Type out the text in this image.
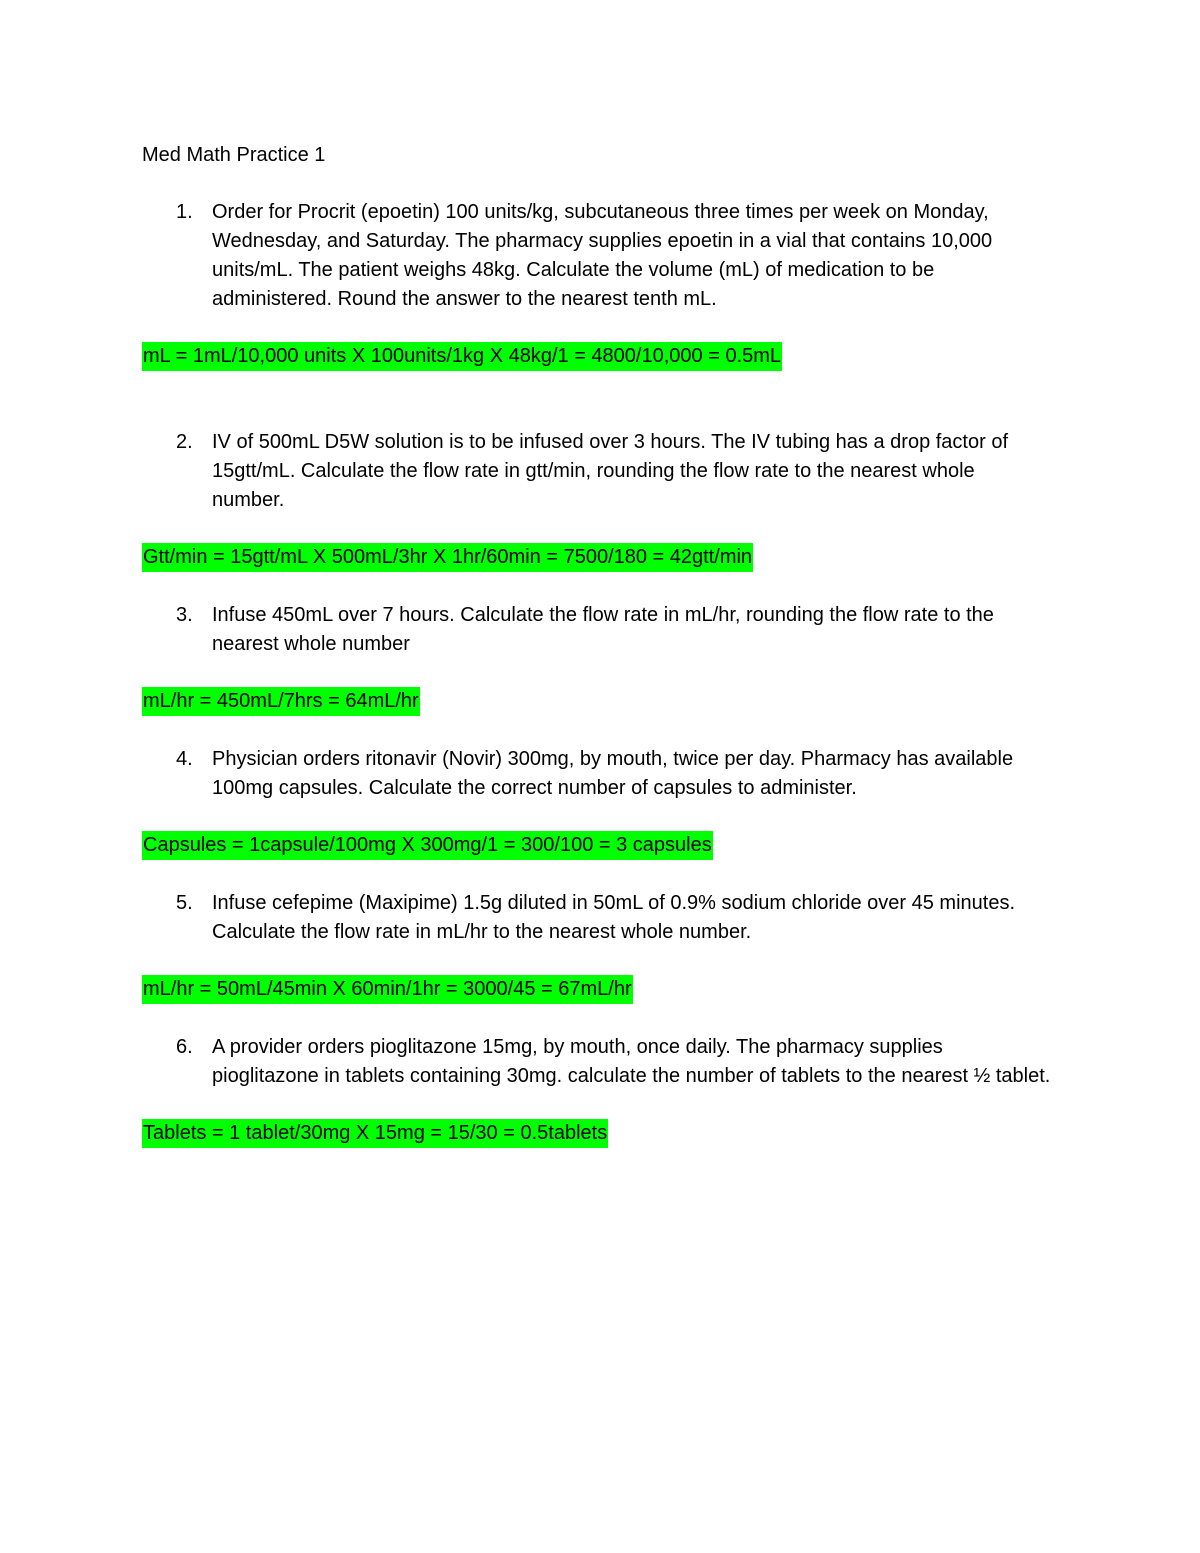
Med Math Practice 1
1. Order for Procrit (epoetin) 100 units/kg, subcutaneous three times per week on Monday, Wednesday, and Saturday. The pharmacy supplies epoetin in a vial that contains 10,000 units/mL. The patient weighs 48kg. Calculate the volume (mL) of medication to be administered. Round the answer to the nearest tenth mL.
mL = 1mL/10,000 units X 100units/1kg X 48kg/1 = 4800/10,000 = 0.5mL
2. IV of 500mL D5W solution is to be infused over 3 hours. The IV tubing has a drop factor of 15gtt/mL. Calculate the flow rate in gtt/min, rounding the flow rate to the nearest whole number.
Gtt/min = 15gtt/mL X 500mL/3hr X 1hr/60min = 7500/180 = 42gtt/min
3. Infuse 450mL over 7 hours. Calculate the flow rate in mL/hr, rounding the flow rate to the nearest whole number
mL/hr = 450mL/7hrs = 64mL/hr
4. Physician orders ritonavir (Novir) 300mg, by mouth, twice per day. Pharmacy has available 100mg capsules. Calculate the correct number of capsules to administer.
Capsules = 1capsule/100mg X 300mg/1 = 300/100 = 3 capsules
5. Infuse cefepime (Maxipime) 1.5g diluted in 50mL of 0.9% sodium chloride over 45 minutes. Calculate the flow rate in mL/hr to the nearest whole number.
mL/hr = 50mL/45min X 60min/1hr = 3000/45 = 67mL/hr
6. A provider orders pioglitazone 15mg, by mouth, once daily. The pharmacy supplies pioglitazone in tablets containing 30mg. calculate the number of tablets to the nearest ½ tablet.
Tablets = 1 tablet/30mg X 15mg = 15/30 = 0.5tablets
